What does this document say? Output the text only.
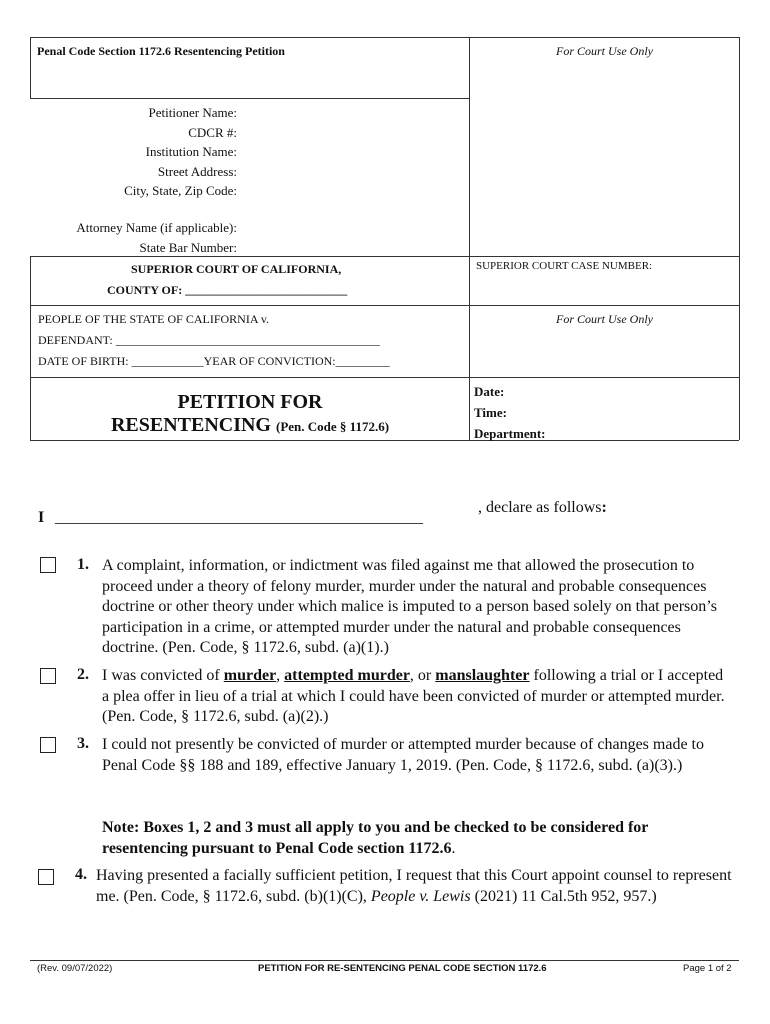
Penal Code Section 1172.6 Resentencing Petition	For Court Use Only
Petitioner Name:
CDCR #:
Institution Name:
Street Address:
City, State, Zip Code:
Attorney Name (if applicable):
State Bar Number:
SUPERIOR COURT OF CALIFORNIA,
COUNTY OF: ___________________________
SUPERIOR COURT CASE NUMBER:
PEOPLE OF THE STATE OF CALIFORNIA v.
DEFENDANT: ____________________________________________
DATE OF BIRTH: ____________YEAR OF CONVICTION:_________
For Court Use Only
PETITION FOR
RESENTENCING (Pen. Code § 1172.6)
Date:
Time:
Department:
I ______________________________________________
, declare as follows:
1. A complaint, information, or indictment was filed against me that allowed the prosecution to proceed under a theory of felony murder, murder under the natural and probable consequences doctrine or other theory under which malice is imputed to a person based solely on that person’s participation in a crime, or attempted murder under the natural and probable consequences doctrine. (Pen. Code, § 1172.6, subd. (a)(1).)
2. I was convicted of murder, attempted murder, or manslaughter following a trial or I accepted a plea offer in lieu of a trial at which I could have been convicted of murder or attempted murder. (Pen. Code, § 1172.6, subd. (a)(2).)
3. I could not presently be convicted of murder or attempted murder because of changes made to Penal Code §§ 188 and 189, effective January 1, 2019. (Pen. Code, § 1172.6, subd. (a)(3).)
Note: Boxes 1, 2 and 3 must all apply to you and be checked to be considered for resentencing pursuant to Penal Code section 1172.6.
4. Having presented a facially sufficient petition, I request that this Court appoint counsel to represent me. (Pen. Code, § 1172.6, subd. (b)(1)(C), People v. Lewis (2021) 11 Cal.5th 952, 957.)
(Rev. 09/07/2022)	PETITION FOR RE-SENTENCING PENAL CODE SECTION 1172.6	Page 1 of 2
